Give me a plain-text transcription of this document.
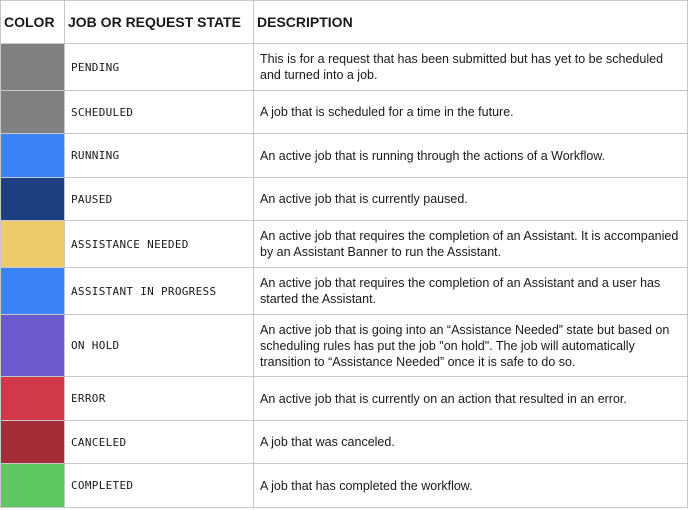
COLOR	JOB OR REQUEST STATE	DESCRIPTION

	PENDING	This is for a request that has been submitted but has yet to be scheduled and turned into a job.

	SCHEDULED	A job that is scheduled for a time in the future.

	RUNNING	An active job that is running through the actions of a Workflow.

	PAUSED	An active job that is currently paused.

	ASSISTANCE NEEDED	An active job that requires the completion of an Assistant. It is accompanied by an Assistant Banner to run the Assistant.

	ASSISTANT IN PROGRESS	An active job that requires the completion of an Assistant and a user has started the Assistant.

	ON HOLD	An active job that is going into an “Assistance Needed” state but based on scheduling rules has put the job "on hold". The job will automatically transition to “Assistance Needed” once it is safe to do so.

	ERROR	An active job that is currently on an action that resulted in an error.

	CANCELED	A job that was canceled.

	COMPLETED	A job that has completed the workflow.
